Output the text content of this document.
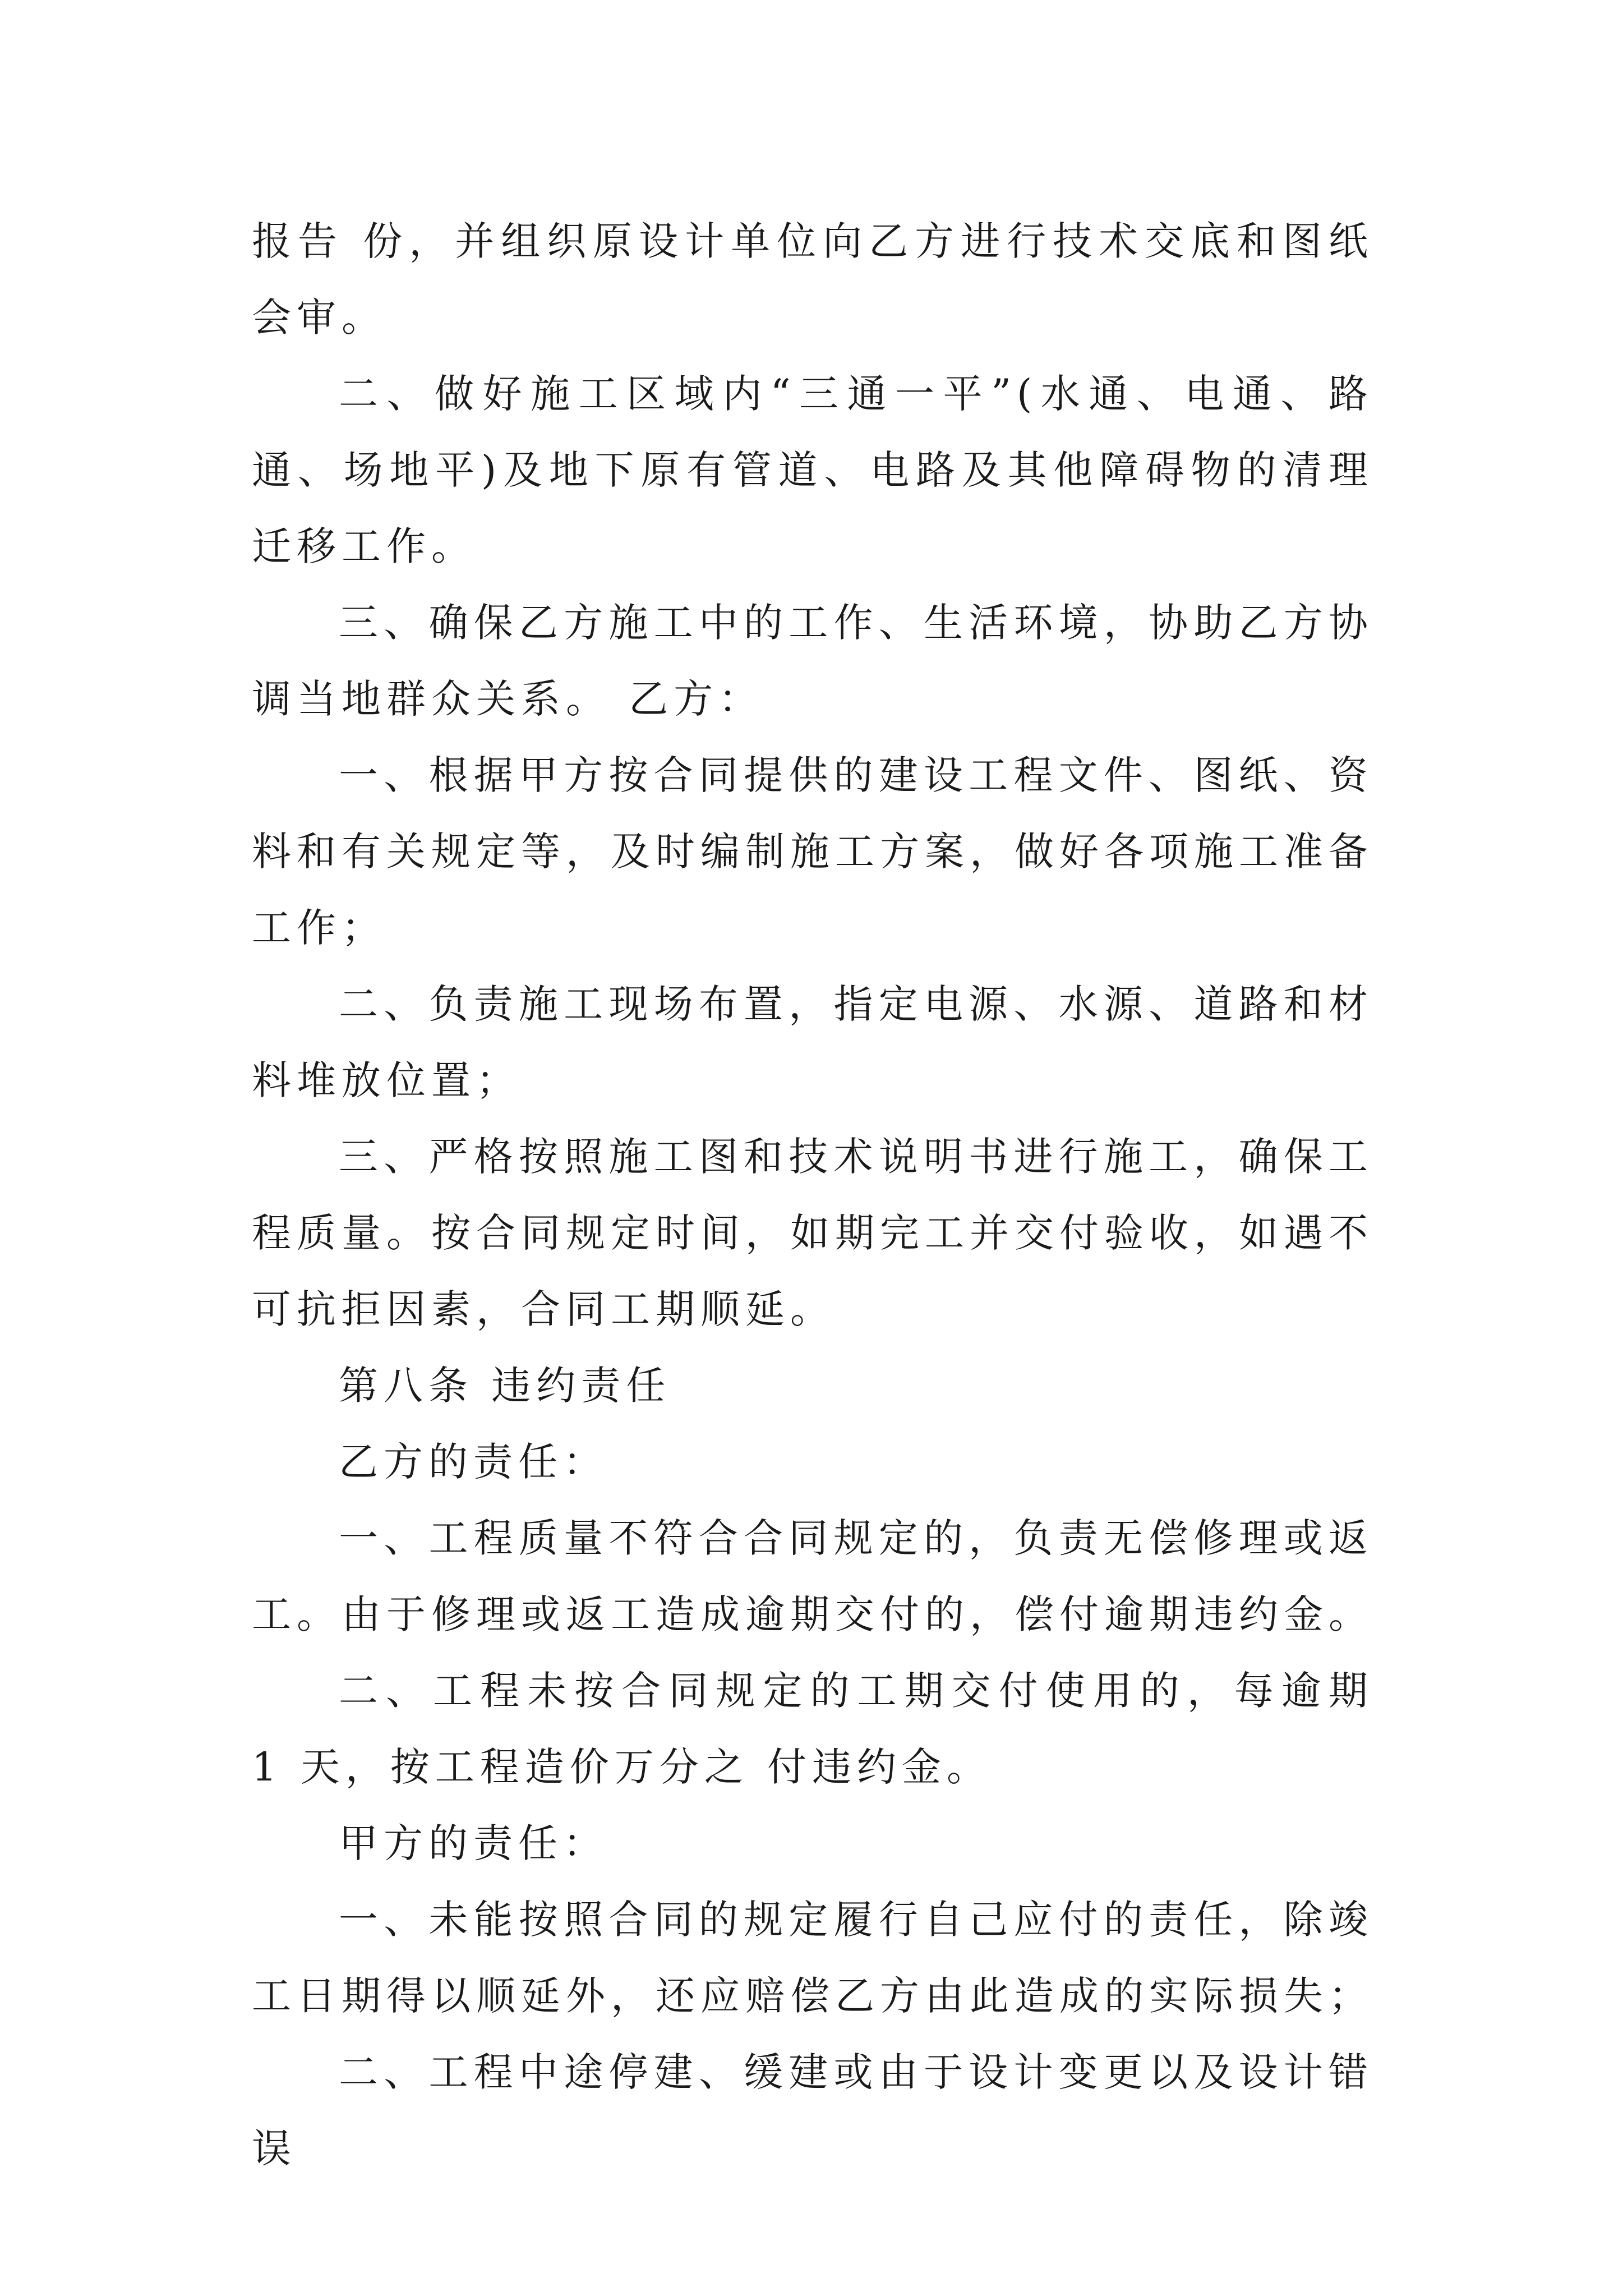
报告 份，并组织原设计单位向乙方进行技术交底和图纸会审。

二、做好施工区域内“三通一平”(水通、电通、路通、场地平)及地下原有管道、电路及其他障碍物的清理迁移工作。

三、确保乙方施工中的工作、生活环境，协助乙方协调当地群众关系。 乙方：

一、根据甲方按合同提供的建设工程文件、图纸、资料和有关规定等，及时编制施工方案，做好各项施工准备工作；

二、负责施工现场布置，指定电源、水源、道路和材料堆放位置；

三、严格按照施工图和技术说明书进行施工，确保工程质量。按合同规定时间，如期完工并交付验收，如遇不可抗拒因素，合同工期顺延。

第八条 违约责任

乙方的责任：

一、工程质量不符合合同规定的，负责无偿修理或返工。由于修理或返工造成逾期交付的，偿付逾期违约金。

二、工程未按合同规定的工期交付使用的，每逾期 1 天，按工程造价万分之 付违约金。

甲方的责任：

一、未能按照合同的规定履行自己应付的责任，除竣工日期得以顺延外，还应赔偿乙方由此造成的实际损失；

二、工程中途停建、缓建或由于设计变更以及设计错误
